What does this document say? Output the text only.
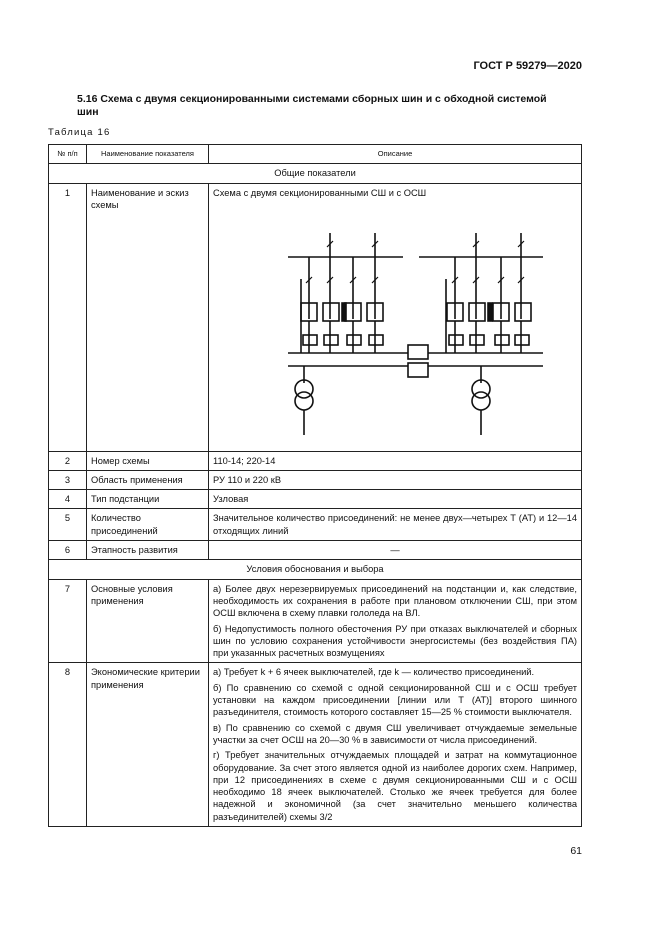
ГОСТ Р 59279—2020
5.16 Схема с двумя секционированными системами сборных шин и с обходной системой шин
Таблица 16
№ п/п	Наименование показателя	Описание
Общие показатели		
1	Наименование и эскиз схемы	Схема с двумя секционированными СШ и с ОСШ

2	Номер схемы	110-14; 220-14
3	Область применения	РУ 110 и 220 кВ
4	Тип подстанции	Узловая
5	Количество присоединений	Значительное количество присоединений: не менее двух—четырех Т (АТ) и 12—14 отходящих линий

6	Этапность развития	—
Условия обоснования и выбора		
7	Основные условия применения	а) Более двух нерезервируемых присоединений на подстанции и, как следствие, необходимость их сохранения в работе при плановом отключении СШ, при этом ОСШ включена в схему плавки гололеда на ВЛ.

б) Недопустимость полного обесточения РУ при отказах выключателей и сборных шин по условию сохранения устойчивости энергосистемы (без воздействия ПА) при указанных расчетных возмущениях

8	Экономические критерии применения	а) Требует k + 6 ячеек выключателей, где k — количество присоединений.

б) По сравнению со схемой с одной секционированной СШ и с ОСШ требует установки на каждом присоединении [линии или Т (АТ)] второго шинного разъединителя, стоимость которого составляет 15—25 % стоимости выключателя.

в) По сравнению со схемой с двумя СШ увеличивает отчуждаемые земельные участки за счет ОСШ на 20—30 % в зависимости от числа присоединений.

г) Требует значительных отчуждаемых площадей и затрат на коммутационное оборудование. За счет этого является одной из наиболее дорогих схем. Например, при 12 присоединениях в схеме с двумя секционированными СШ и с ОСШ необходимо 18 ячеек выключателей. Столько же ячеек требуется для более надежной и экономичной (за счет значительно меньшего количества разъединителей) схемы 3/2

61
